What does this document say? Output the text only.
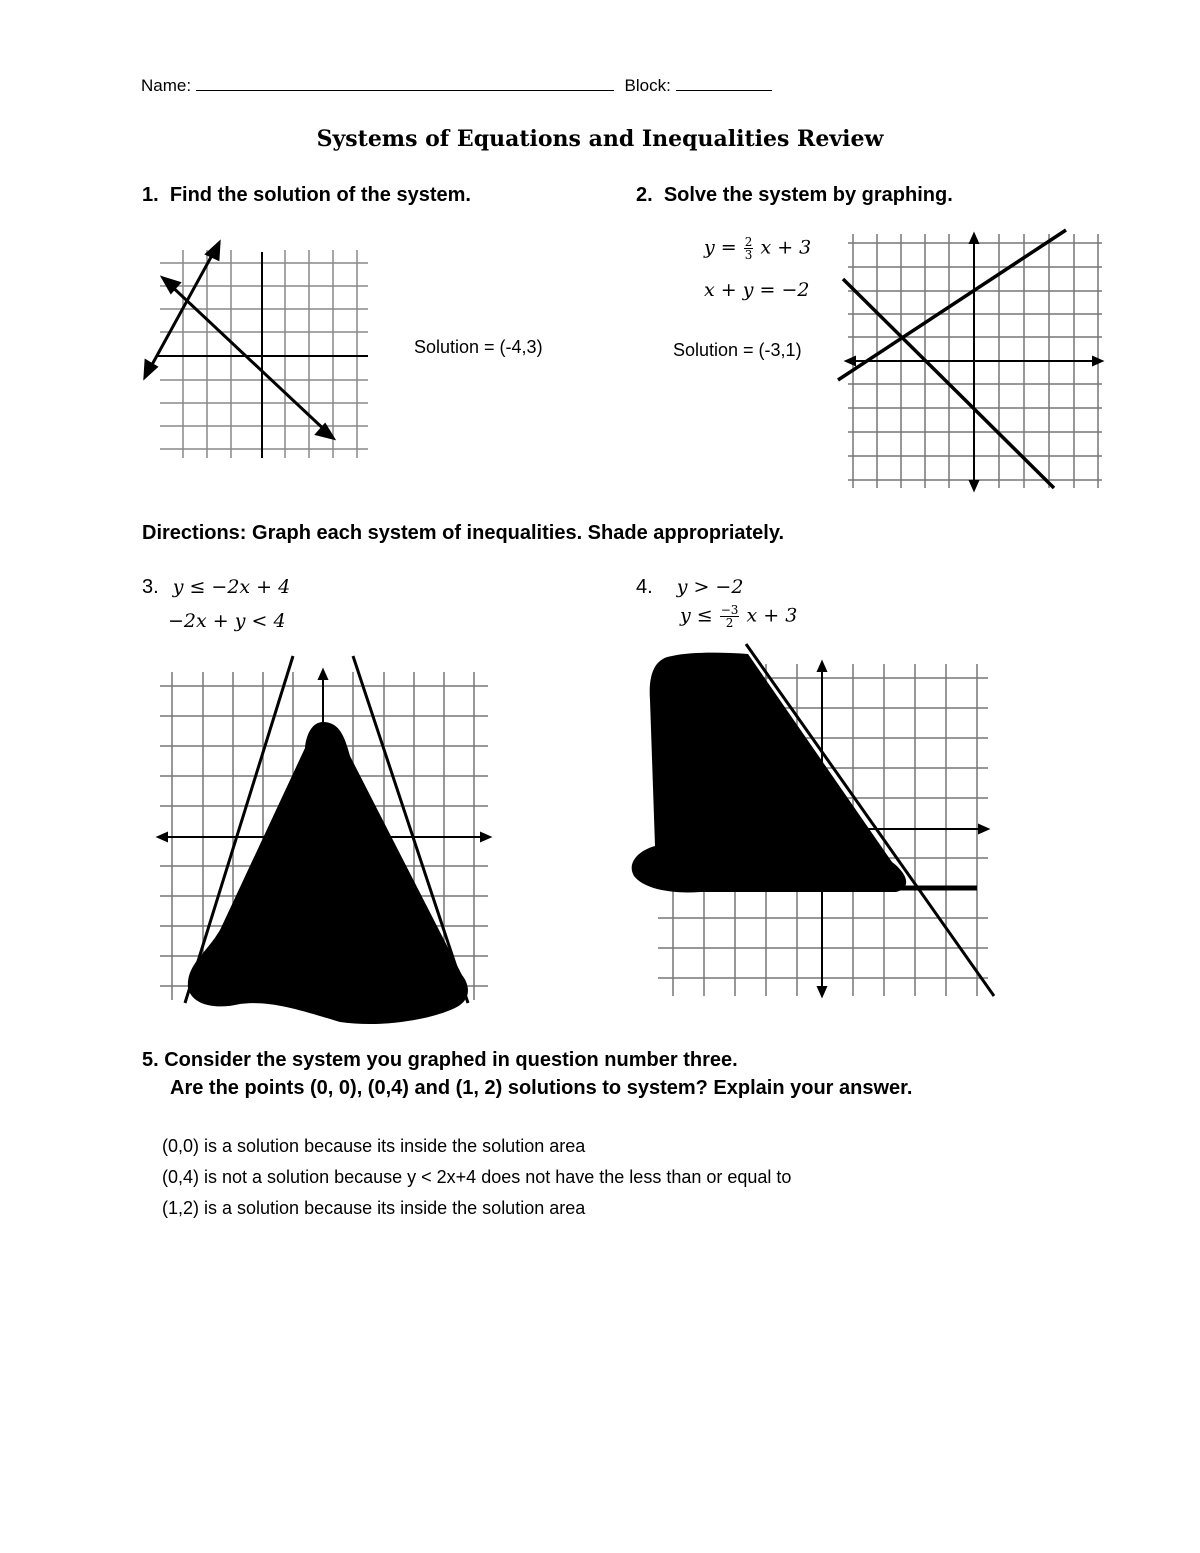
Name:	Block:
Systems of Equations and Inequalities Review
1. Find the solution of the system.
Solution = (-4,3)
2. Solve the system by graphing.
$y = \frac{2}{3}$ x + 3
x + y = −2
Solution = (-3,1)
Directions: Graph each system of inequalities. Shade appropriately.
3. y ≤ −2x + 4
−2x + y < 4
4. y > −2
$y \le \frac{-3}{2}$ x + 3
5. Consider the system you graphed in question number three.
Are the points (0, 0), (0,4) and (1, 2) solutions to system? Explain your answer.
(0,0) is a solution because its inside the solution area
(0,4) is not a solution because y < 2x+4 does not have the less than or equal to
(1,2) is a solution because its inside the solution area
